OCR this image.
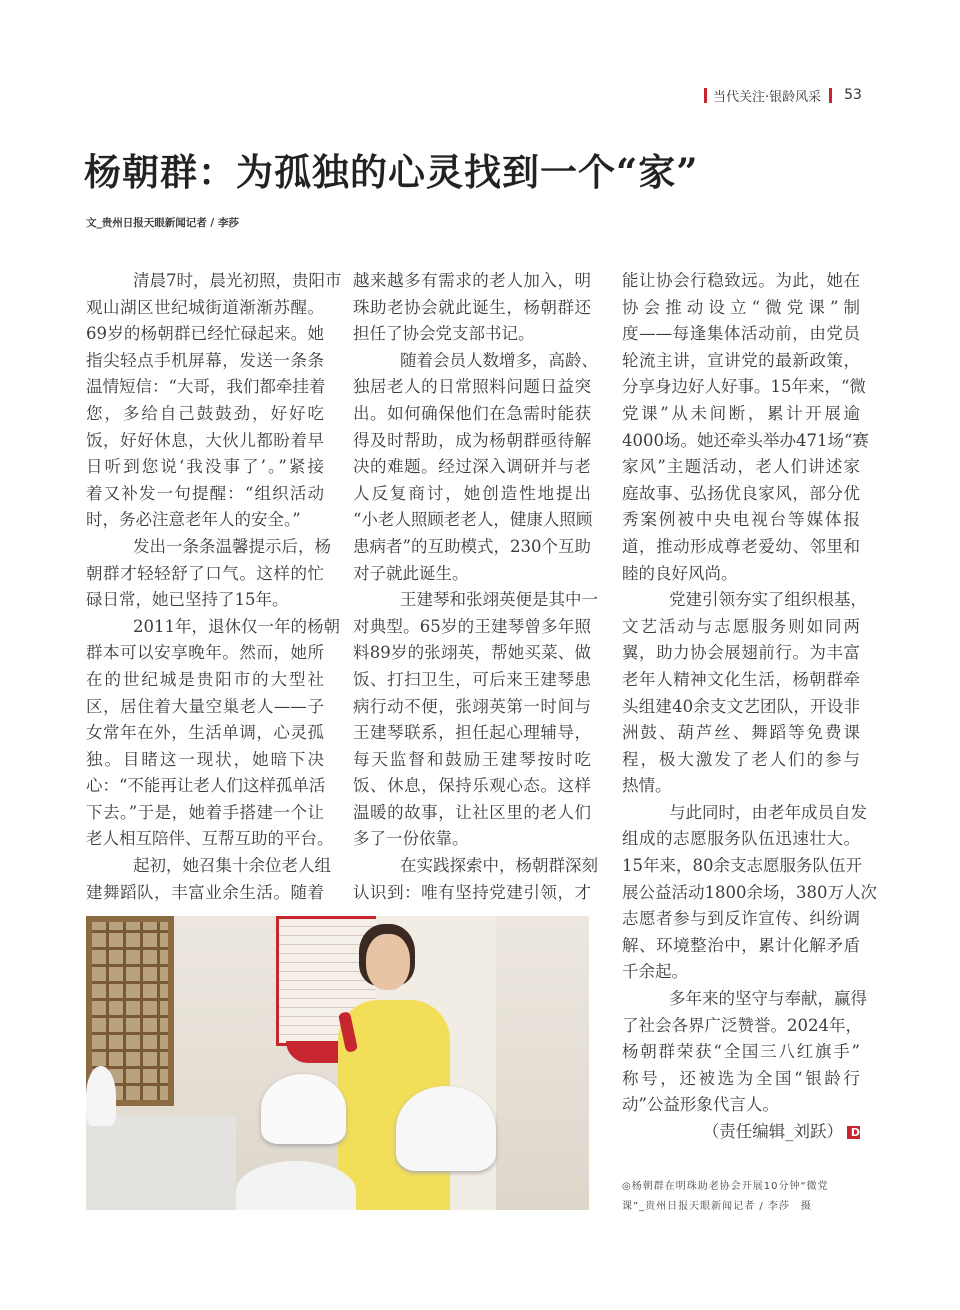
当代关注·银龄风采 53
杨朝群：为孤独的心灵找到一个“家”
文_贵州日报天眼新闻记者 / 李莎
清晨7时，晨光初照，贵阳市
观山湖区世纪城街道渐渐苏醒。
69岁的杨朝群已经忙碌起来。她
指尖轻点手机屏幕，发送一条条
温情短信：“大哥，我们都牵挂着
您，多给自己鼓鼓劲，好好吃
饭，好好休息，大伙儿都盼着早
日听到您说‘我没事了’。”紧接
着又补发一句提醒：“组织活动
时，务必注意老年人的安全。”
发出一条条温馨提示后，杨
朝群才轻轻舒了口气。这样的忙
碌日常，她已坚持了15年。
2011年，退休仅一年的杨朝
群本可以安享晚年。然而，她所
在的世纪城是贵阳市的大型社
区，居住着大量空巢老人——子
女常年在外，生活单调，心灵孤
独。目睹这一现状，她暗下决
心：“不能再让老人们这样孤单活
下去。”于是，她着手搭建一个让
老人相互陪伴、互帮互助的平台。
起初，她召集十余位老人组
建舞蹈队，丰富业余生活。随着
越来越多有需求的老人加入，明
珠助老协会就此诞生，杨朝群还
担任了协会党支部书记。
随着会员人数增多，高龄、
独居老人的日常照料问题日益突
出。如何确保他们在急需时能获
得及时帮助，成为杨朝群亟待解
决的难题。经过深入调研并与老
人反复商讨，她创造性地提出
“小老人照顾老老人，健康人照顾
患病者”的互助模式，230个互助
对子就此诞生。
王建琴和张翊英便是其中一
对典型。65岁的王建琴曾多年照
料89岁的张翊英，帮她买菜、做
饭、打扫卫生，可后来王建琴患
病行动不便，张翊英第一时间与
王建琴联系，担任起心理辅导，
每天监督和鼓励王建琴按时吃
饭、休息，保持乐观心态。这样
温暖的故事，让社区里的老人们
多了一份依靠。
在实践探索中，杨朝群深刻
认识到：唯有坚持党建引领，才
能让协会行稳致远。为此，她在
协会推动设立“微党课”制
度——每逢集体活动前，由党员
轮流主讲，宣讲党的最新政策，
分享身边好人好事。15年来，“微
党课”从未间断，累计开展逾
4000场。她还牵头举办471场“赛
家风”主题活动，老人们讲述家
庭故事、弘扬优良家风，部分优
秀案例被中央电视台等媒体报
道，推动形成尊老爱幼、邻里和
睦的良好风尚。
党建引领夯实了组织根基，
文艺活动与志愿服务则如同两
翼，助力协会展翅前行。为丰富
老年人精神文化生活，杨朝群牵
头组建40余支文艺团队，开设非
洲鼓、葫芦丝、舞蹈等免费课
程，极大激发了老人们的参与
热情。
与此同时，由老年成员自发
组成的志愿服务队伍迅速壮大。
15年来，80余支志愿服务队伍开
展公益活动1800余场，380万人次
志愿者参与到反诈宣传、纠纷调
解、环境整治中，累计化解矛盾
千余起。
多年来的坚守与奉献，赢得
了社会各界广泛赞誉。2024年，
杨朝群荣获“全国三八红旗手”
称号，还被选为全国“银龄行
动”公益形象代言人。
（责任编辑_刘跃） D
◎杨朝群在明珠助老协会开展10分钟“微党
课”_贵州日报天眼新闻记者 / 李莎　摄
